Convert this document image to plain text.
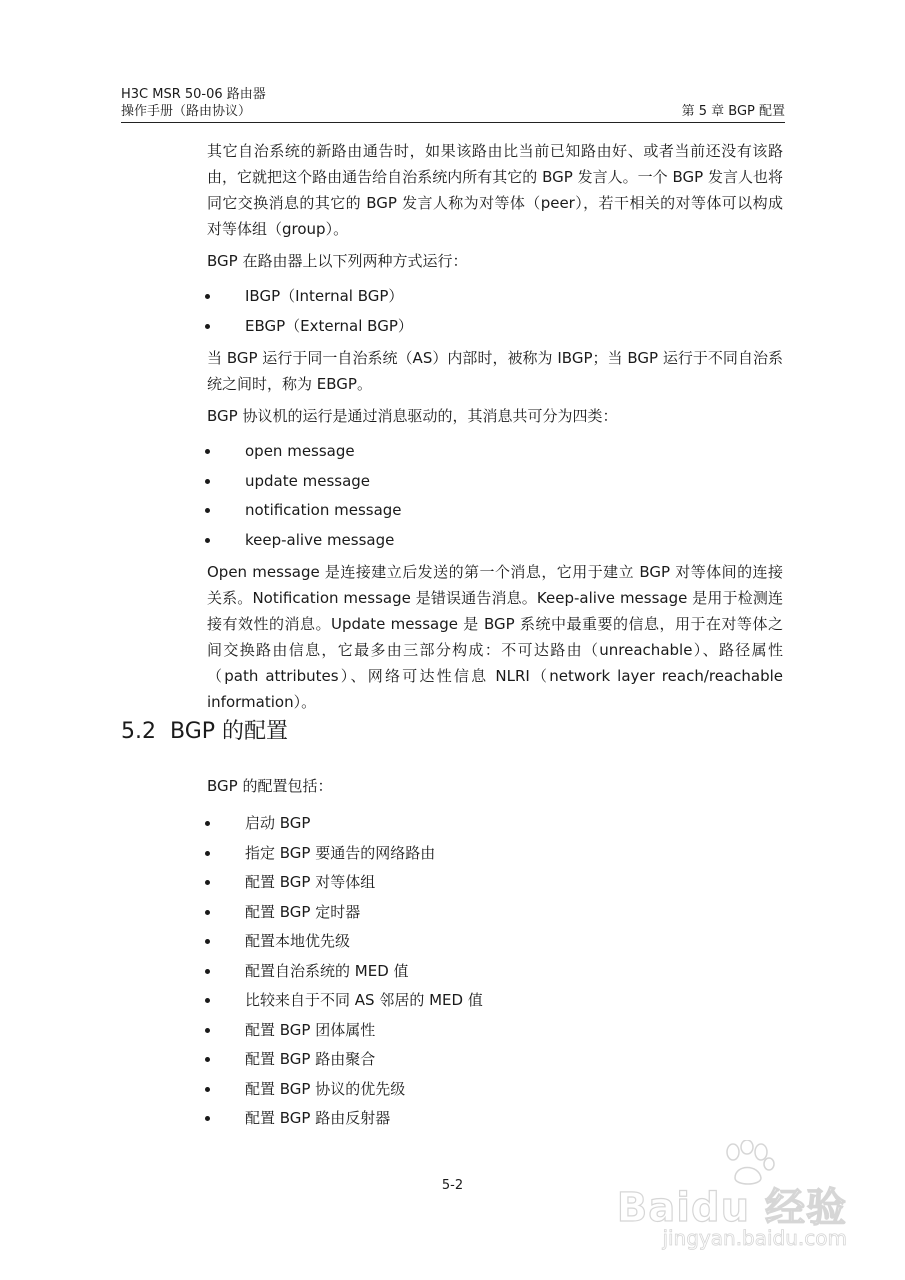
H3C MSR 50-06 路由器
操作手册（路由协议）	第 5 章 BGP 配置

其它自治系统的新路由通告时，如果该路由比当前已知路由好、或者当前还没有该路由，它就把这个路由通告给自治系统内所有其它的 BGP 发言人。一个 BGP 发言人也将同它交换消息的其它的 BGP 发言人称为对等体（peer），若干相关的对等体可以构成对等体组（group）。

BGP 在路由器上以下列两种方式运行：

IBGP（Internal BGP）
EBGP（External BGP）

当 BGP 运行于同一自治系统（AS）内部时，被称为 IBGP；当 BGP 运行于不同自治系统之间时，称为 EBGP。

BGP 协议机的运行是通过消息驱动的，其消息共可分为四类：

open message
update message
notification message
keep-alive message

Open message 是连接建立后发送的第一个消息，它用于建立 BGP 对等体间的连接关系。Notification message 是错误通告消息。Keep-alive message 是用于检测连接有效性的消息。Update message 是 BGP 系统中最重要的信息，用于在对等体之间交换路由信息，它最多由三部分构成：不可达路由（unreachable）、路径属性（path attributes）、网络可达性信息 NLRI（network layer reach/reachable information）。

5.2 BGP 的配置

BGP 的配置包括：

启动 BGP
指定 BGP 要通告的网络路由
配置 BGP 对等体组
配置 BGP 定时器
配置本地优先级
配置自治系统的 MED 值
比较来自于不同 AS 邻居的 MED 值
配置 BGP 团体属性
配置 BGP 路由聚合
配置 BGP 协议的优先级
配置 BGP 路由反射器
5-2	Baidu 经验
jingyan.baidu.com
